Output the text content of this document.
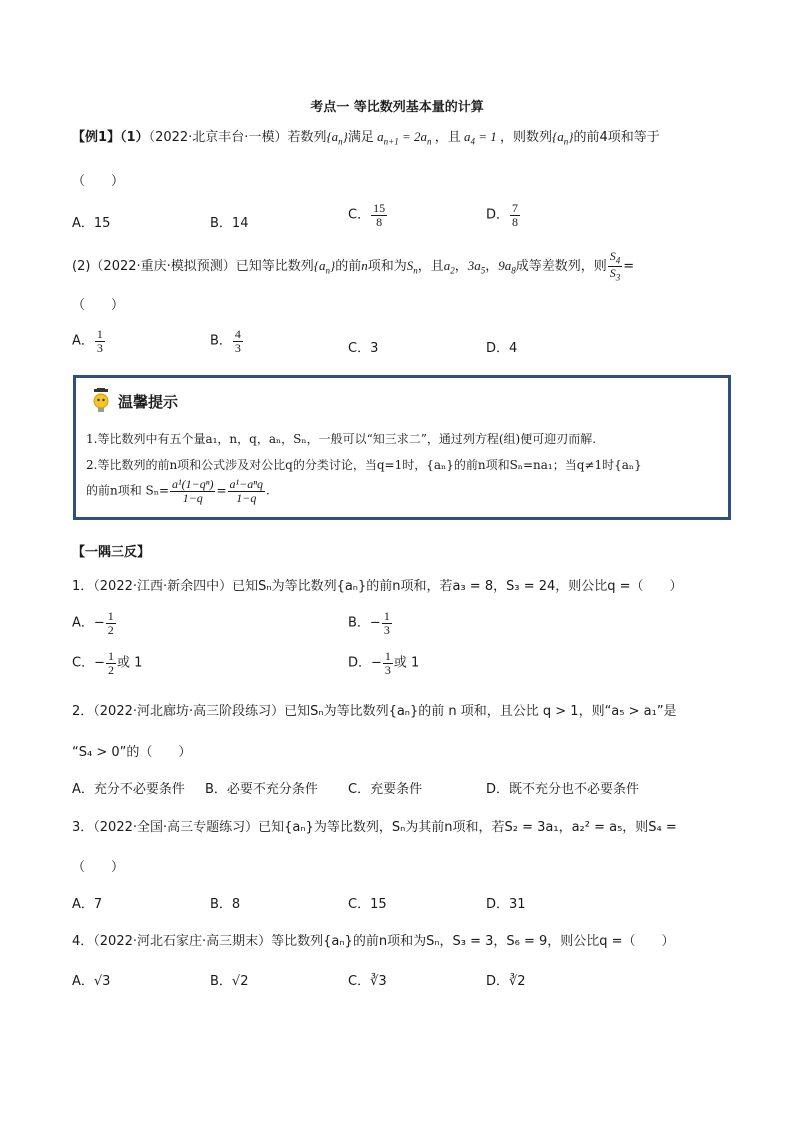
考点一 等比数列基本量的计算
【例1】（1）（2022·北京丰台·一模）若数列$\{a_n\}$满足 $a_{n+1} = 2a_n$ ，且 $a_4 = 1$ ，则数列$\{a_n\}$的前4项和等于
（　　）
A．15	B．14
C． $\frac{15}{8}$	D． $\frac{7}{8}$
(2)（2022·重庆·模拟预测）已知等比数列$\{a_n\}$的前n项和为$S_n$，且$a_2$，$3a_5$，$9a_8$成等差数列，则 $\frac{S_4}{S_3}$ =
（　　）
A． $\frac{1}{3}$	B． $\frac{4}{3}$	C．3	D．4
温馨提示
1.等比数列中有五个量a₁，n，q，aₙ，Sₙ，一般可以“知三求二”，通过列方程(组)便可迎刃而解.
2.等比数列的前n项和公式涉及对公比q的分类讨论，当q=1时，{aₙ}的前n项和Sₙ=na₁；当q≠1时{aₙ}
的前n项和 $S_n= \frac{\text{a¹(1−qⁿ)}}{1-q} = \frac{\text{a¹−aⁿq}}{1-q}$ .
【一隅三反】
1．（2022·江西·新余四中）已知Sₙ为等比数列{aₙ}的前n项和，若a₃ = 8，S₃ = 24，则公比q =（　　）
A．− $\frac{1}{2}$	B．− $\frac{1}{3}$
C．− $\frac{1}{2}$ 或 1	D．− $\frac{1}{3}$ 或 1
2．（2022·河北廊坊·高三阶段练习）已知Sₙ为等比数列{aₙ}的前 n 项和，且公比 q > 1，则“a₅ > a₁”是
“S₄ > 0”的（　　）
A．充分不必要条件 B．必要不充分条件 C．充要条件	D．既不充分也不必要条件
3．（2022·全国·高三专题练习）已知{aₙ}为等比数列，Sₙ为其前n项和，若S₂ = 3a₁，a₂² = a₅，则S₄ =
（　　）
A．7	B．8	C．15	D．31
4．（2022·河北石家庄·高三期末）等比数列{aₙ}的前n项和为Sₙ，S₃ = 3，S₆ = 9，则公比q =（　　）
A．√3	B．√2	C．∛3	D．∛2
